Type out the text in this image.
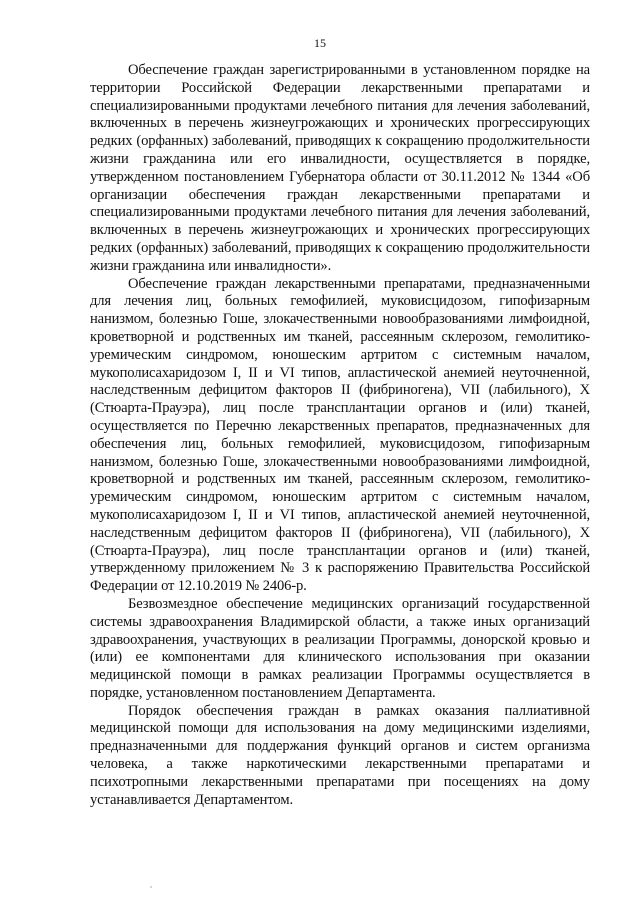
15

Обеспечение граждан зарегистрированными в установленном порядке на территории Российской Федерации лекарственными препаратами и специализированными продуктами лечебного питания для лечения заболеваний, включенных в перечень жизнеугрожающих и хронических прогрессирующих редких (орфанных) заболеваний, приводящих к сокращению продолжительности жизни гражданина или его инвалидности, осуществляется в порядке, утвержденном постановлением Губернатора области от 30.11.2012 № 1344 «Об организации обеспечения граждан лекарственными препаратами и специализированными продуктами лечебного питания для лечения заболеваний, включенных в перечень жизнеугрожающих и хронических прогрессирующих редких (орфанных) заболеваний, приводящих к сокращению продолжительности жизни гражданина или инвалидности».

Обеспечение граждан лекарственными препаратами, предназначенными для лечения лиц, больных гемофилией, муковисцидозом, гипофизарным нанизмом, болезнью Гоше, злокачественными новообразованиями лимфоидной, кроветворной и родственных им тканей, рассеянным склерозом, гемолитико-уремическим синдромом, юношеским артритом с системным началом, мукополисахаридозом I, II и VI типов, апластической анемией неуточненной, наследственным дефицитом факторов II (фибриногена), VII (лабильного), X (Стюарта-Прауэра), лиц после трансплантации органов и (или) тканей, осуществляется по Перечню лекарственных препаратов, предназначенных для обеспечения лиц, больных гемофилией, муковисцидозом, гипофизарным нанизмом, болезнью Гоше, злокачественными новообразованиями лимфоидной, кроветворной и родственных им тканей, рассеянным склерозом, гемолитико-уремическим синдромом, юношеским артритом с системным началом, мукополисахаридозом I, II и VI типов, апластической анемией неуточненной, наследственным дефицитом факторов II (фибриногена), VII (лабильного), X (Стюарта-Прауэра), лиц после трансплантации органов и (или) тканей, утвержденному приложением № 3 к распоряжению Правительства Российской Федерации от 12.10.2019 № 2406-р.

Безвозмездное обеспечение медицинских организаций государственной системы здравоохранения Владимирской области, а также иных организаций здравоохранения, участвующих в реализации Программы, донорской кровью и (или) ее компонентами для клинического использования при оказании медицинской помощи в рамках реализации Программы осуществляется в порядке, установленном постановлением Департамента.

Порядок обеспечения граждан в рамках оказания паллиативной медицинской помощи для использования на дому медицинскими изделиями, предназначенными для поддержания функций органов и систем организма человека, а также наркотическими лекарственными препаратами и психотропными лекарственными препаратами при посещениях на дому устанавливается Департаментом.
